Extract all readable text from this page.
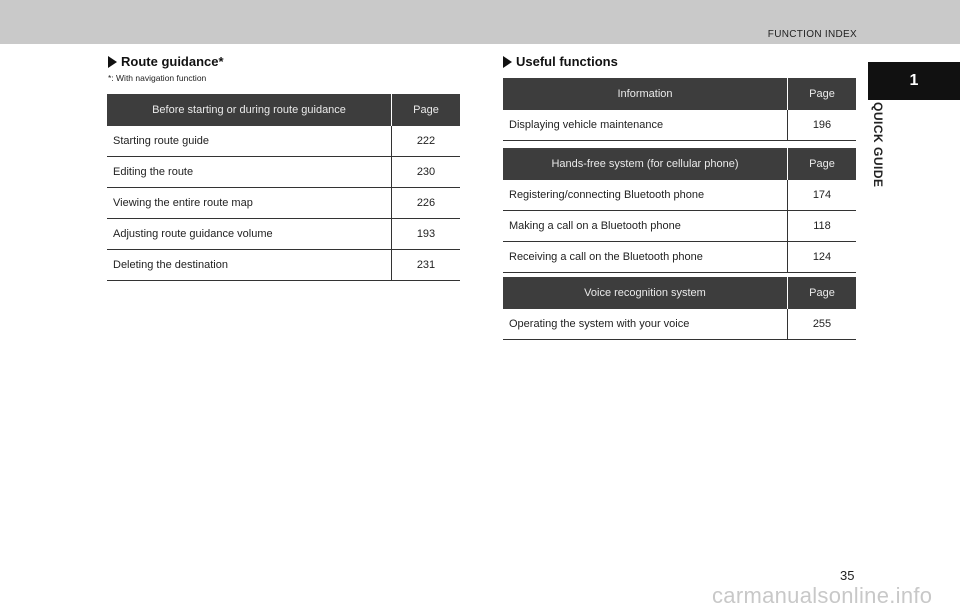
FUNCTION INDEX
1
QUICK GUIDE
Route guidance*
*: With navigation function
Before starting or during route guidance	Page
Starting route guide	222
Editing the route	230
Viewing the entire route map	226
Adjusting route guidance volume	193
Deleting the destination	231
Useful functions
Information	Page
Displaying vehicle maintenance	196
Hands-free system (for cellular phone)	Page
Registering/connecting Bluetooth phone	174
Making a call on a Bluetooth phone	118
Receiving a call on the Bluetooth phone	124
Voice recognition system	Page
Operating the system with your voice	255
35
carmanualsonline.info
